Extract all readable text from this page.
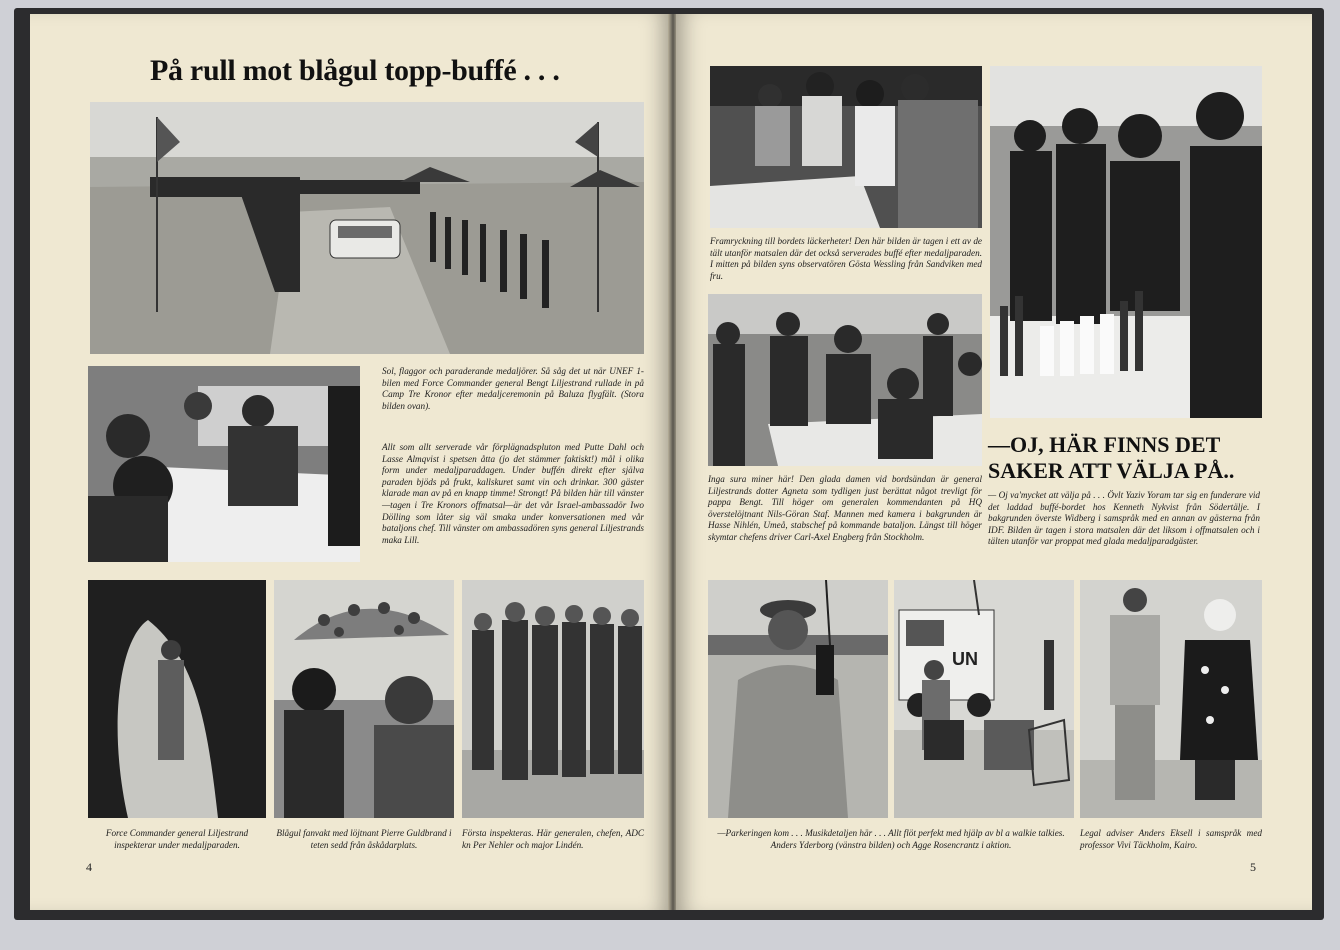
På rull mot blågul topp-buffé . . .
Sol, flaggor och paraderande medaljörer. Så såg det ut när UNEF 1-bilen med Force Commander general Bengt Liljestrand rullade in på Camp Tre Kronor efter medaljceremonin på Baluza flygfält. (Stora bilden ovan).
Allt som allt serverade vår förplägnadspluton med Putte Dahl och Lasse Almqvist i spetsen åtta (jo det stämmer faktiskt!) mål i olika form under medaljparaddagen. Under buffén direkt efter själva paraden bjöds på frukt, kallskuret samt vin och drinkar. 300 gäster klarade man av på en knapp timme! Strongt! På bilden här till vänster—tagen i Tre Kronors offmatsal—är det vår Israel-ambassadör Iwo Dölling som låter sig väl smaka under konversationen med vår bataljons chef. Till vänster om ambassadören syns general Liljestrands maka Lill.
Force Commander general Liljestrand inspekterar under medaljparaden.
Blågul fanvakt med löjtnant Pierre Guldbrand i teten sedd från åskådarplats.
Första inspekteras. Här generalen, chefen, ADC kn Per Nehler och major Lindén.
4
Framryckning till bordets läckerheter! Den här bilden är tagen i ett av de tält utanför matsalen där det också serverades buffé efter medaljparaden. I mitten på bilden syns observatören Gösta Wessling från Sandviken med fru.
—OJ, HÄR FINNS DET
SAKER ATT VÄLJA PÅ..
— Oj va'mycket att välja på . . . Övlt Yaziv Yoram tar sig en funderare vid det laddad buffé-bordet hos Kenneth Nykvist från Södertälje. I bakgrunden överste Widberg i samspråk med en annan av gästerna från IDF. Bilden är tagen i stora matsalen där det liksom i offmatsalen och i tälten utanför var proppat med glada medaljparadgäster.
Inga sura miner här! Den glada damen vid bordsändan är general Liljestrands dotter Agneta som tydligen just berättat något trevligt för pappa Bengt. Till höger om generalen kommendanten på HQ överstelöjtnant Nils-Göran Staf. Mannen med kamera i bakgrunden är Hasse Nihlén, Umeå, stabschef på kommande bataljon. Längst till höger skymtar chefens driver Carl-Axel Engberg från Stockholm.
UN
—Parkeringen kom . . . Musikdetaljen här . . . Allt flöt perfekt med hjälp av bl a walkie talkies. Anders Yderborg (vänstra bilden) och Agge Rosencrantz i aktion.
Legal adviser Anders Eksell i samspråk med professor Vivi Täckholm, Kairo.
5
